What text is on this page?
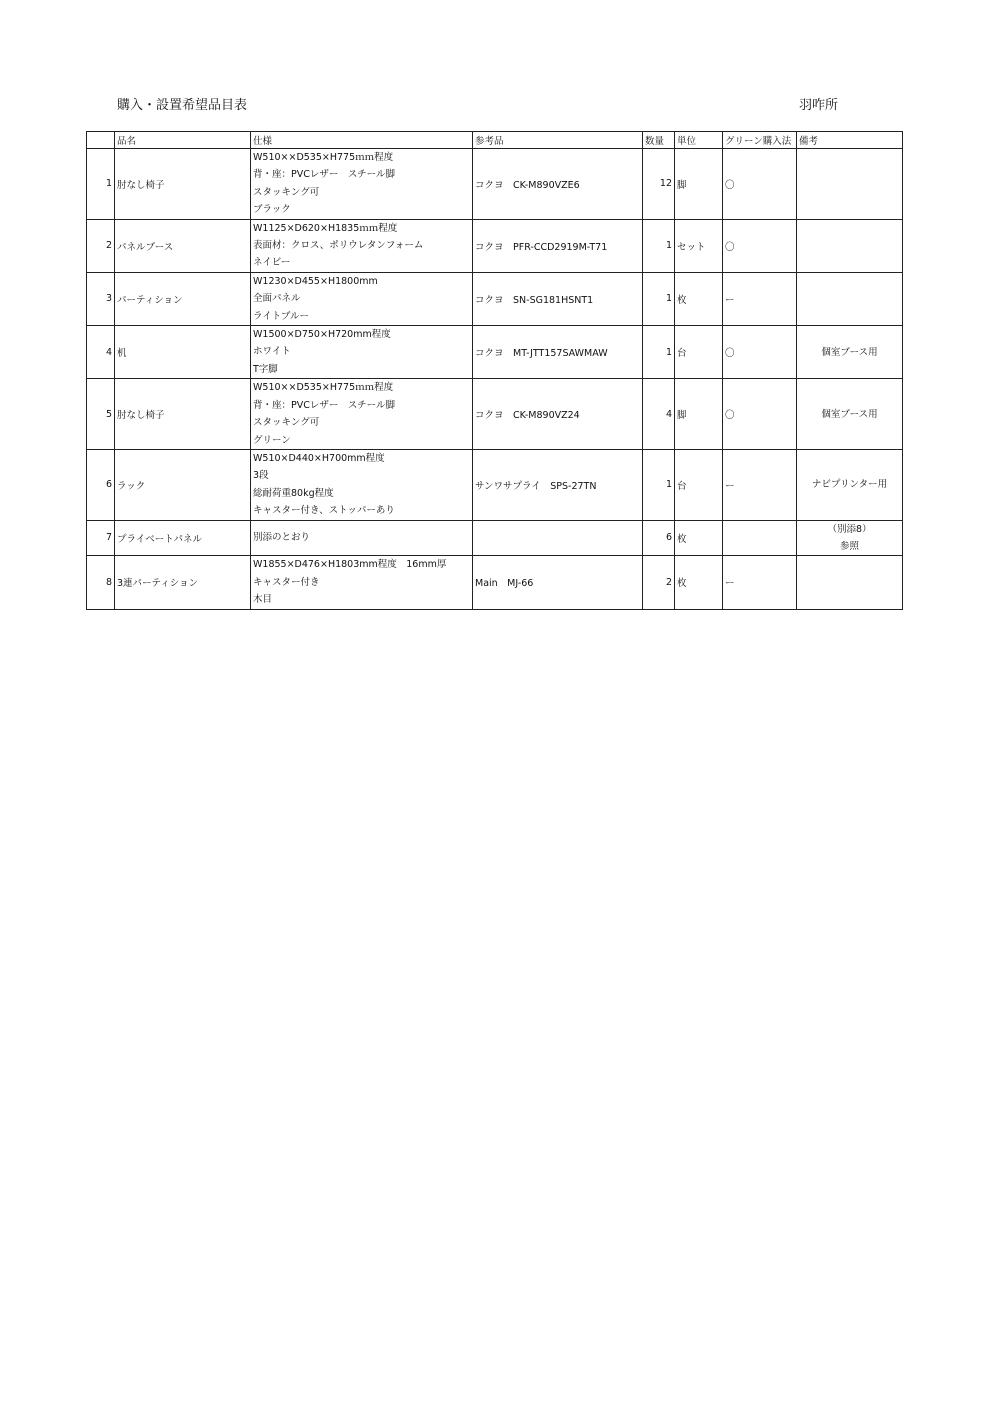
購入・設置希望品目表	羽咋所
	品名	仕様	参考品	数量	単位	グリーン購入法	備考
1	肘なし椅子	W510××D535×H775ｍｍ程度
背・座：PVCレザー　スチール脚
スタッキング可
ブラック	コクヨ　CK-M890VZE6	12	脚	〇	
2	パネルブース	W1125×D620×H1835ｍｍ程度
表面材：クロス、ポリウレタンフォーム
ネイビー	コクヨ　PFR-CCD2919M-T71	1	セット	〇	
3	パーティション	W1230×D455×H1800mm
全面パネル
ライトブルー	コクヨ　SN-SG181HSNT1	1	枚	ー	
4	机	W1500×D750×H720mm程度
ホワイト
T字脚	コクヨ　MT-JTT157SAWMAW	1	台	〇	個室ブース用
5	肘なし椅子	W510××D535×H775ｍｍ程度
背・座：PVCレザー　スチール脚
スタッキング可
グリーン	コクヨ　CK-M890VZ24	4	脚	〇	個室ブース用
6	ラック	W510×D440×H700mm程度
3段
総耐荷重80kg程度
キャスター付き、ストッパーあり	サンワサプライ　SPS-27TN	1	台	ー	ナビプリンター用
7	プライベートパネル	別添のとおり		6	枚		（別添8）
参照

8	3連パーティション	W1855×D476×H1803mm程度　16mm厚
キャスター付き
木目	Main　MJ-66	2	枚	ー	
